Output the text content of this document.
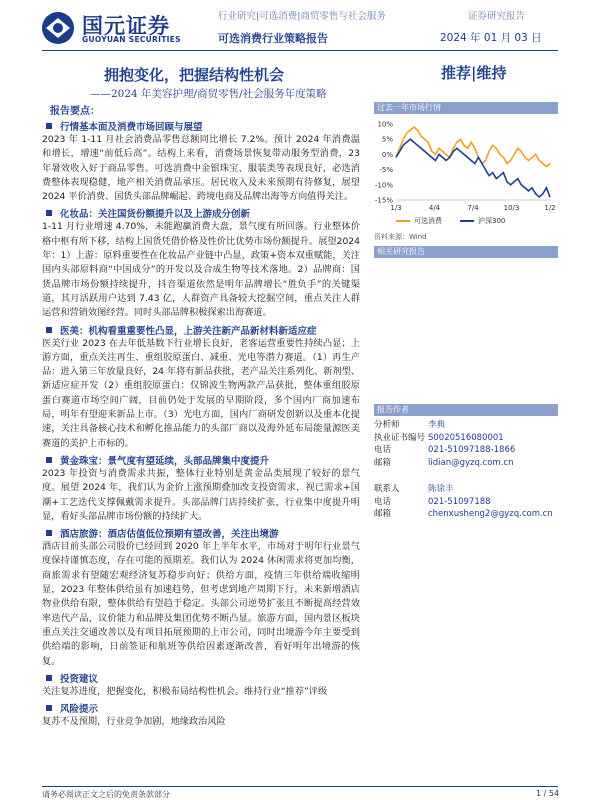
国元证券
GUOYUAN SECURITIES
行业研究|可选消费|商贸零售与社会服务	证券研究报告
可选消费行业策略报告	2024 年 01 月 03 日
拥抱变化，把握结构性机会
——2024 年美容护理/商贸零售/社会服务年度策略
推荐|维持
报告要点：
行情基本面及消费市场回顾与展望

2023 年 1-11 月社会消费品零售总额同比增长 7.2%。预计 2024 年消费温和增长，增速“前低后高”。结构上来看，消费场景恢复带动服务型消费，23 年暑效收入好于商品零售。可选消费中金银珠宝、服装类等表现良好，必选消费整体表现稳健，地产相关消费品承压。居民收入及未来预期有待修复，展望 2024 平价消费、国货头部品牌崛起、跨境电商及品牌出海等方向值得关注。

化妆品：关注国货份额提升以及上游成分创新

1-11 月行业增速 4.70%，未能跑赢消费大盘，景气度有所回落。行业整体价格中枢有所下移，结构上国货凭借价格及性价比优势市场份额提升。展望2024年：1）上游：原料重要性在化妆品产业链中凸显，政策+资本双重赋能，关注国内头部原料商“中国成分”的开发以及合成生物等技术落地。2）品牌商：国货品牌市场份额持续提升，抖音渠道依然是明年品牌增长“胜负手”的关键渠道，其月活跃用户达到 7.43 亿，人群资产具备较大挖掘空间，重点关注人群运营和营销效图经营。同时头部品牌积极探索出海赛道。

医美：机构看重重要性凸显，上游关注新产品新材料新适应症

医美行业 2023 在去年低基数下行业增长良好，老客运营重要性持续凸显；上游方面，重点关注再生、重组胶原蛋白、减重、光电等潜力赛道。（1）再生产品：进入第三年放量良好，24 年将有新品获批，老产品关注系列化、新剂型、新适应症开发（2）重组胶原蛋白：仅锦波生物两款产品获批，整体重组胶原蛋白赛道市场空间广阔，目前仍处于发展的早期阶段，多个国内厂商加速布局，明年有望迎来新品上市。（3）光电方面，国内厂商研发创新以及重本化提速，关注具备核心技术和孵化推品能力的头部厂商以及海外延布局能量源医美赛道的美护上市标的。

黄金珠宝：景气度有望延续，头部品牌集中度提升

2023 年投资与消费需求共振，整体行业特别是黄金品类展现了较好的景气度。展望 2024 年，我们认为金价上涨预期叠加改支投资需求，视已需求+国潮+工艺迭代支撑佩戴需求提升。头部品牌门店持续扩张，行业集中度提升明显，看好头部品牌市场份额的持续扩大。

酒店旅游：酒店估值低位预期有望改善，关注出境游

酒店目前头部公司股价已经回到 2020 年上半年水平，市场对于明年行业景气度保持谨慎态度，存在可能的预期差。我们认为 2024 休闲需求将更加均衡，商旅需求有望随宏观经济复苏稳步向好；供给方面，疫情三年供给端收缩明显，2023 年整体供给虽有加速趋势，但考虑到地产周期下行，未来新增酒店物业供给有限，整体供给有望趋于稳定。头部公司逆势扩张且不断提高经营效率迭代产品，议价能力和品牌及集团优势不断凸显。旅游方面，国内景区板块重点关注交通改善以及有项目拓展预期的上市公司，同时出境游今年主要受到供给端的影响，日前签证和航班等供给因素逐渐改善，看好明年出境游的恢复。

投资建议

关注复苏进度，把握变化，积极布局结构性机会。维持行业“推荐”评级

风险提示

复苏不及预期，行业竞争加剧，地缘政治风险

过去一年市场行情
10%
5%
0%
-5%
-10%
-15%
1/3	4/4	7/4	10/3	1/2
可选消费	沪深300
资料来源：Wind
相关研究报告
报告作者
分析师	李典
执业证书编号 S0020516080001
电话	021-51097188-1866
邮箱	lidian@gyzq.com.cn
联系人	陈徐丰
电话	021-51097188
邮箱	chenxusheng2@gyzq.com.cn
请务必阅读正文之后的免责条款部分	1 / 54
